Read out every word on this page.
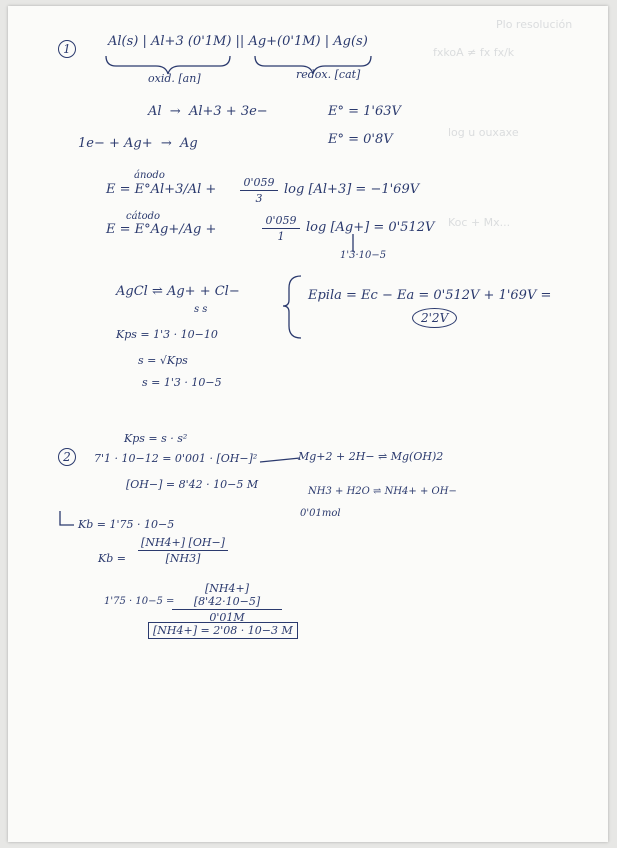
Plo resolución
fxkoA ≠ fx fx/k
log u ouxaxe
Koc + Mx...
1	Al(s) | Al+3 (0'1M) || Ag+(0'1M) | Ag(s)
oxid. [an]	redox. [cat]
Al  →  Al+3 + 3e−	E° = 1'63V
1e− + Ag+  →  Ag	E° = 0'8V
ánodo
E = E°Al+3/Al +	0'059
3
log [Al+3] = −1'69V
cátodo
E = E°Ag+/Ag +
0'059
1
log [Ag+] = 0'512V
1'3·10−5
AgCl ⇌ Ag+ + Cl−
s s
Kps = 1'3 · 10−10
s = √Kps
s = 1'3 · 10−5
Epila = Ec − Ea = 0'512V + 1'69V =
2'2V
2
Kps = s · s²
7'1 · 10−12 = 0'001 · [OH−]²
[OH−] = 8'42 · 10−5 M
Mg+2 + 2H− ⇌ Mg(OH)2
NH3 + H2O ⇌ NH4+ + OH−
0'01mol
Kb = 1'75 · 10−5
Kb =
[NH4+] [OH−]
[NH3]
1'75 · 10−5 =
[NH4+] [8'42·10−5]
0'01M
[NH4+] = 2'08 · 10−3 M
